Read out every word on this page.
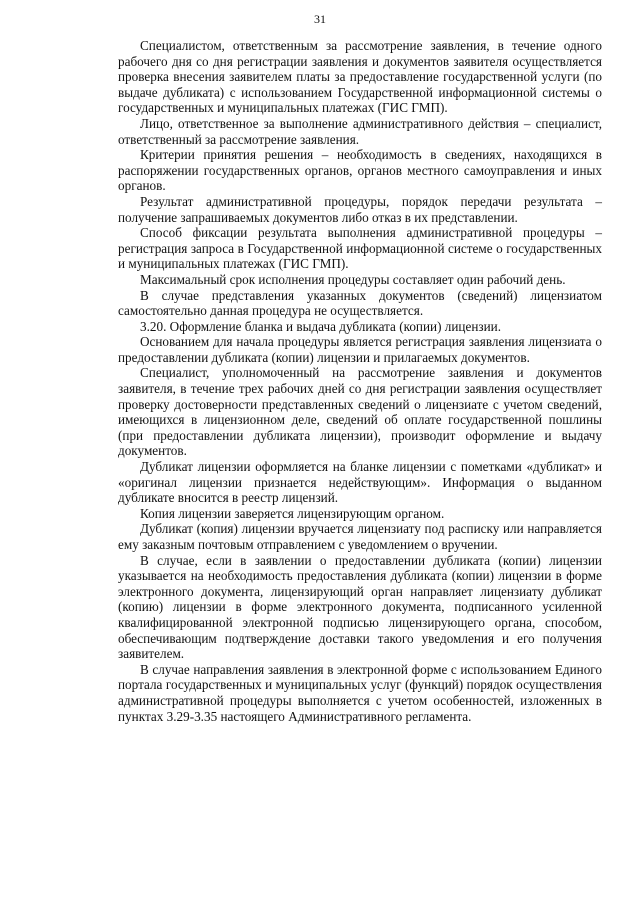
31

Специалистом, ответственным за рассмотрение заявления, в течение одного рабочего дня со дня регистрации заявления и документов заявителя осуществляется проверка внесения заявителем платы за предоставление государственной услуги (по выдаче дубликата) с использованием Государственной информационной системы о государственных и муниципальных платежах (ГИС ГМП).

Лицо, ответственное за выполнение административного действия – специалист, ответственный за рассмотрение заявления.

Критерии принятия решения – необходимость в сведениях, находящихся в распоряжении государственных органов, органов местного самоуправления и иных органов.

Результат административной процедуры, порядок передачи результата – получение запрашиваемых документов либо отказ в их представлении.

Способ фиксации результата выполнения административной процедуры – регистрация запроса в Государственной информационной системе о государственных и муниципальных платежах (ГИС ГМП).

Максимальный срок исполнения процедуры составляет один рабочий день.

В случае представления указанных документов (сведений) лицензиатом самостоятельно данная процедура не осуществляется.

3.20. Оформление бланка и выдача дубликата (копии) лицензии.

Основанием для начала процедуры является регистрация заявления лицензиата о предоставлении дубликата (копии) лицензии и прилагаемых документов.

Специалист, уполномоченный на рассмотрение заявления и документов заявителя, в течение трех рабочих дней со дня регистрации заявления осуществляет проверку достоверности представленных сведений о лицензиате с учетом сведений, имеющихся в лицензионном деле, сведений об оплате государственной пошлины (при предоставлении дубликата лицензии), производит оформление и выдачу документов.

Дубликат лицензии оформляется на бланке лицензии с пометками «дубликат» и «оригинал лицензии признается недействующим». Информация о выданном дубликате вносится в реестр лицензий.

Копия лицензии заверяется лицензирующим органом.

Дубликат (копия) лицензии вручается лицензиату под расписку или направляется ему заказным почтовым отправлением с уведомлением о вручении.

В случае, если в заявлении о предоставлении дубликата (копии) лицензии указывается на необходимость предоставления дубликата (копии) лицензии в форме электронного документа, лицензирующий орган направляет лицензиату дубликат (копию) лицензии в форме электронного документа, подписанного усиленной квалифицированной электронной подписью лицензирующего органа, способом, обеспечивающим подтверждение доставки такого уведомления и его получения заявителем.

В случае направления заявления в электронной форме с использованием Единого портала государственных и муниципальных услуг (функций) порядок осуществления административной процедуры выполняется с учетом особенностей, изложенных в пунктах 3.29-3.35 настоящего Административного регламента.
